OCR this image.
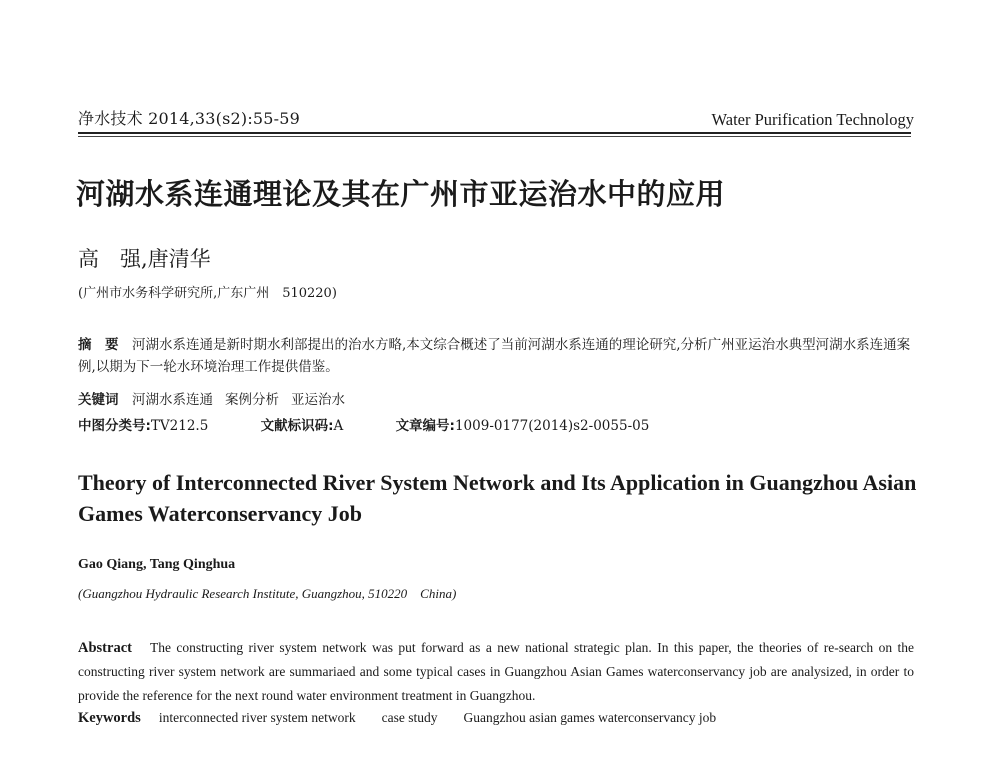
净水技术 2014,33(s2):55-59	Water Purification Technology
河湖水系连通理论及其在广州市亚运治水中的应用
高　强,唐清华
(广州市水务科学研究所,广东广州　510220)
摘　要　 河湖水系连通是新时期水利部提出的治水方略,本文综合概述了当前河湖水系连通的理论研究,分析广州亚运治水典型河湖水系连通案例,以期为下一轮水环境治理工作提供借鉴。
关键词　 河湖水系连通 案例分析 亚运治水
中图分类号:TV212.5	文献标识码:A	文章编号:1009-0177(2014)s2-0055-05
Theory of Interconnected River System Network and Its Application in Guangzhou Asian Games Waterconservancy Job
Gao Qiang, Tang Qinghua
(Guangzhou Hydraulic Research Institute, Guangzhou, 510220　China)
Abstract The constructing river system network was put forward as a new national strategic plan. In this paper, the theories of re-search on the constructing river system network are summariaed and some typical cases in Guangzhou Asian Games waterconservancy job are analysized, in order to provide the reference for the next round water environment treatment in Guangzhou.
Keywords interconnected river system network case study Guangzhou asian games waterconservancy job
